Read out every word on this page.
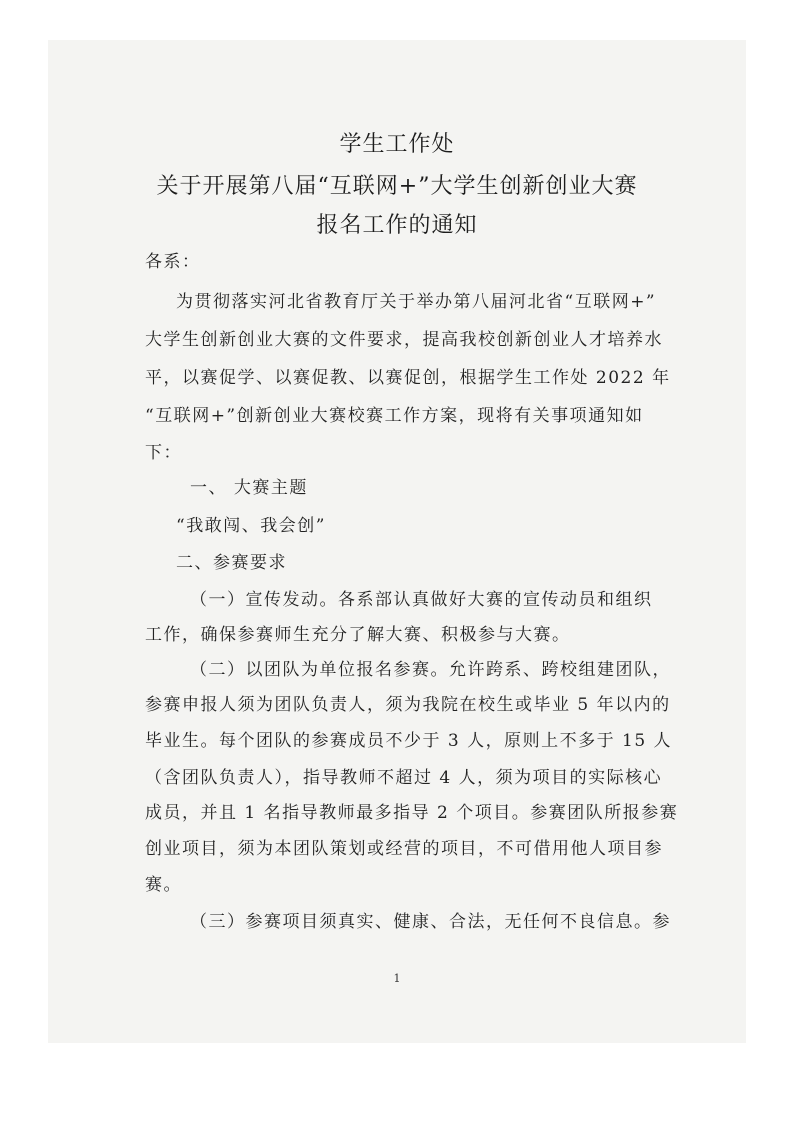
学生工作处
关于开展第八届“互联网+”大学生创新创业大赛
报名工作的通知
各系：
为贯彻落实河北省教育厅关于举办第八届河北省“互联网+”
大学生创新创业大赛的文件要求，提高我校创新创业人才培养水
平，以赛促学、以赛促教、以赛促创，根据学生工作处 2022 年
“互联网+”创新创业大赛校赛工作方案，现将有关事项通知如
下：
一、 大赛主题
“我敢闯、我会创”
二、参赛要求
（一）宣传发动。各系部认真做好大赛的宣传动员和组织
工作，确保参赛师生充分了解大赛、积极参与大赛。
（二）以团队为单位报名参赛。允许跨系、跨校组建团队，
参赛申报人须为团队负责人，须为我院在校生或毕业 5 年以内的
毕业生。每个团队的参赛成员不少于 3 人，原则上不多于 15 人
（含团队负责人），指导教师不超过 4 人，须为项目的实际核心
成员，并且 1 名指导教师最多指导 2 个项目。参赛团队所报参赛
创业项目，须为本团队策划或经营的项目，不可借用他人项目参
赛。
（三）参赛项目须真实、健康、合法，无任何不良信息。参
1
